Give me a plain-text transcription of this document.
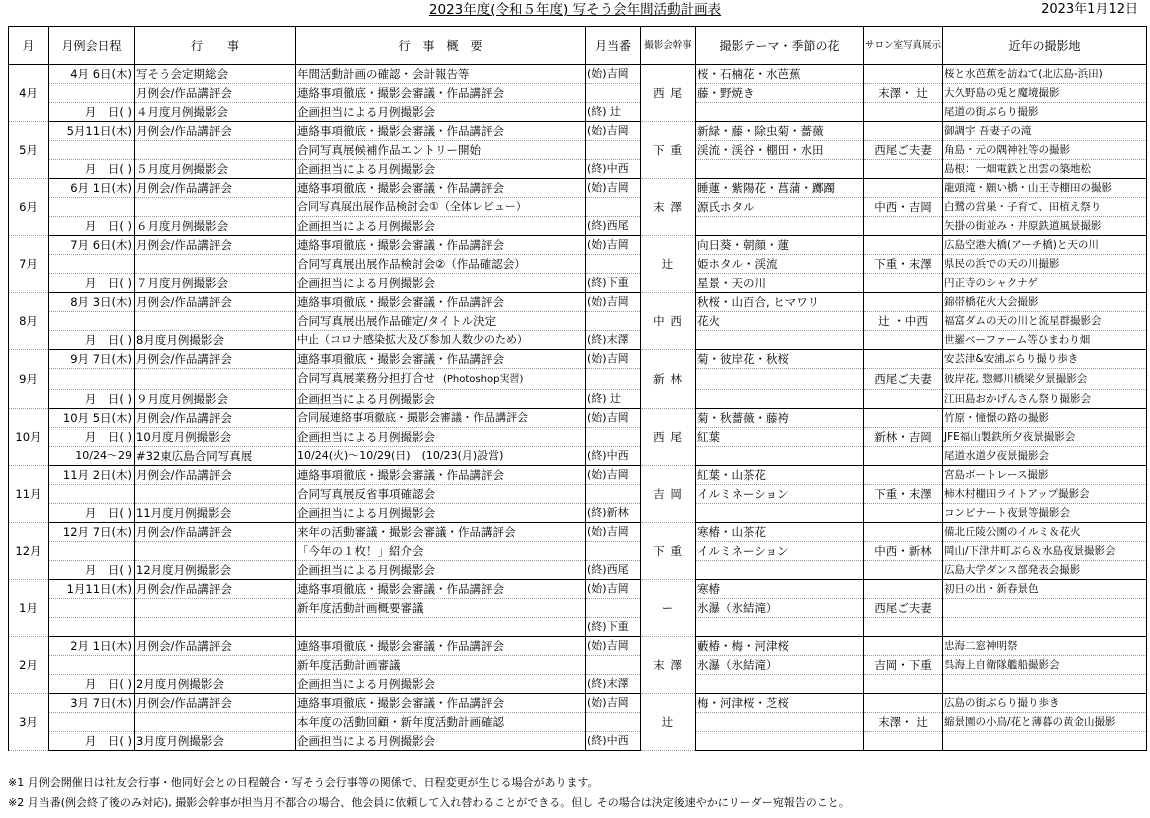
2023年度(令和５年度) 写そう会年間活動計画表	2023年1月12日
月	月例会日程	行　　事	行　事　概　要	月当番	撮影会幹事	撮影テーマ・季節の花	サロン室写真展示	近年の撮影地
4月	4月 6日(木)	写そう会定期総会	年間活動計画の確認・会計報告等	(始)吉岡	西 尾	桜・石楠花・水芭蕉		桜と水芭蕉を訪ねて(北広島-浜田)
		月例会/作品講評会	連絡事項徹底・撮影会審議・作品講評会			藤・野焼き	末澤・ 辻	大久野島の兎と魔境撮影
	月　日( )	４月度月例撮影会	企画担当による月例撮影会	(終) 辻				尾道の街ぶらり撮影
5月	5月11日(木)	月例会/作品講評会	連絡事項徹底・撮影会審議・作品講評会	(始)吉岡	下 重	新緑・藤・除虫菊・薔薇		御調宇 吾妻子の滝
			合同写真展候補作品エントリー開始			渓流・渓谷・棚田・水田	西尾ご夫妻	角島・元の隅神社等の撮影
	月　日( )	５月度月例撮影会	企画担当による月例撮影会	(終)中西				島根：一畑電鉄と出雲の築地松
6月	6月 1日(木)	月例会/作品講評会	連絡事項徹底・撮影会審議・作品講評会	(始)吉岡	末 澤	睡蓮・紫陽花・菖蒲・躑躅		龍頭滝・願い橋・山王寺棚田の撮影
			合同写真展出展作品検討会①（全体レビュー）			源氏ホタル	中西・吉岡	白鷺の営巣・子育て、田植え祭り
	月　日( )	６月度月例撮影会	企画担当による月例撮影会	(終)西尾				矢掛の街並み・井原鉄道風景撮影
7月	7月 6日(木)	月例会/作品講評会	連絡事項徹底・撮影会審議・作品講評会	(始)吉岡	辻	向日葵・朝顔・蓮		広島空港大橋(アーチ橋)と天の川
			合同写真展出展作品検討会②（作品確認会）			姫ホタル・渓流	下重・末澤	県民の浜での天の川撮影
	月　日( )	７月度月例撮影会	企画担当による月例撮影会	(終)下重		星景・天の川		円正寺のシャクナゲ
8月	8月 3日(木)	月例会/作品講評会	連絡事項徹底・撮影会審議・作品講評会	(始)吉岡	中 西	秋桜・山百合, ヒマワリ		錦帯橋花火大会撮影
			合同写真展出展作品確定/タイトル決定			花火	辻 ・中西	福富ダムの天の川と流星群撮影会
	月　日( )	8月度月例撮影会	中止（コロナ感染拡大及び参加人数少のため）	(終)末澤				世羅ベーファーム等ひまわり畑
9月	9月 7日(木)	月例会/作品講評会	連絡事項徹底・撮影会審議・作品講評会	(始)吉岡	新 林	菊・彼岸花・秋桜		安芸津&安浦ぶらり撮り歩き
			合同写真展業務分担打合せ (Photoshop実習)				西尾ご夫妻	彼岸花, 惣郷川橋梁夕景撮影会
	月　日( )	９月度月例撮影会	企画担当による月例撮影会	(終) 辻				江田島おかげんさん祭り撮影会
10月	10月 5日(木)	月例会/作品講評会	合同展連絡事項徹底・撮影会審議・作品講評会	(始)吉岡	西 尾	菊・秋薔薇・藤袴		竹原・憧憬の路の撮影
	月　日( )	10月度月例撮影会	企画担当による月例撮影会			紅葉	新林・吉岡	JFE福山製鉄所夕夜景撮影会
	10/24～29	#32東広島合同写真展	10/24(火)～10/29(日)　(10/23(月)設営)	(終)中西				尾道水道夕夜景撮影会
11月	11月 2日(木)	月例会/作品講評会	連絡事項徹底・撮影会審議・作品講評会	(始)吉岡	吉 岡	紅葉・山茶花		宮島ボートレース撮影
			合同写真展反省事項確認会			イルミネーション	下重・末澤	柿木村棚田ライトアップ撮影会
	月　日( )	11月度月例撮影会	企画担当による月例撮影会	(終)新林				コンビナート夜景等撮影会
12月	12月 7日(木)	月例会/作品講評会	来年の活動審議・撮影会審議・作品講評会	(始)吉岡	下 重	寒椿・山茶花		備北丘陵公園のイルミ＆花火
			「今年の１枚！」紹介会			イルミネーション	中西・新林	岡山/下津井町ぶら＆水島夜景撮影会
	月　日( )	12月度月例撮影会	企画担当による月例撮影会	(終)西尾				広島大学ダンス部発表会撮影
1月	1月11日(木)	月例会/作品講評会	連絡事項徹底・撮影会審議・作品講評会	(始)吉岡	ー	寒椿		初日の出・新春景色
			新年度活動計画概要審議			氷瀑（氷結滝）	西尾ご夫妻	
				(終)下重				
2月	2月 1日(木)	月例会/作品講評会	連絡事項徹底・撮影会審議・作品講評会	(始)吉岡	末 澤	藪椿・梅・河津桜		忠海二窓神明祭
			新年度活動計画審議			氷瀑（氷結滝）	吉岡・下重	呉海上自衛隊艦船撮影会
	月　日( )	2月度月例撮影会	企画担当による月例撮影会	(終)末澤				
3月	3月 7日(木)	月例会/作品講評会	連絡事項徹底・撮影会審議・作品講評会	(始)吉岡	辻	梅・河津桜・芝桜		広島の街ぶらり撮り歩き
			本年度の活動回顧・新年度活動計画確認				末澤・ 辻	縮景園の小鳥/花と薄暮の黄金山撮影
	月　日( )	3月度月例撮影会	企画担当による月例撮影会	(終)中西				
※1 月例会開催日は社友会行事・他同好会との日程競合・写そう会行事等の関係で、日程変更が生じる場合があります。
※2 月当番(例会終了後のみ対応), 撮影会幹事が担当月不都合の場合、他会員に依頼して入れ替わることができる。但し その場合は決定後速やかにリーダー宛報告のこと。
